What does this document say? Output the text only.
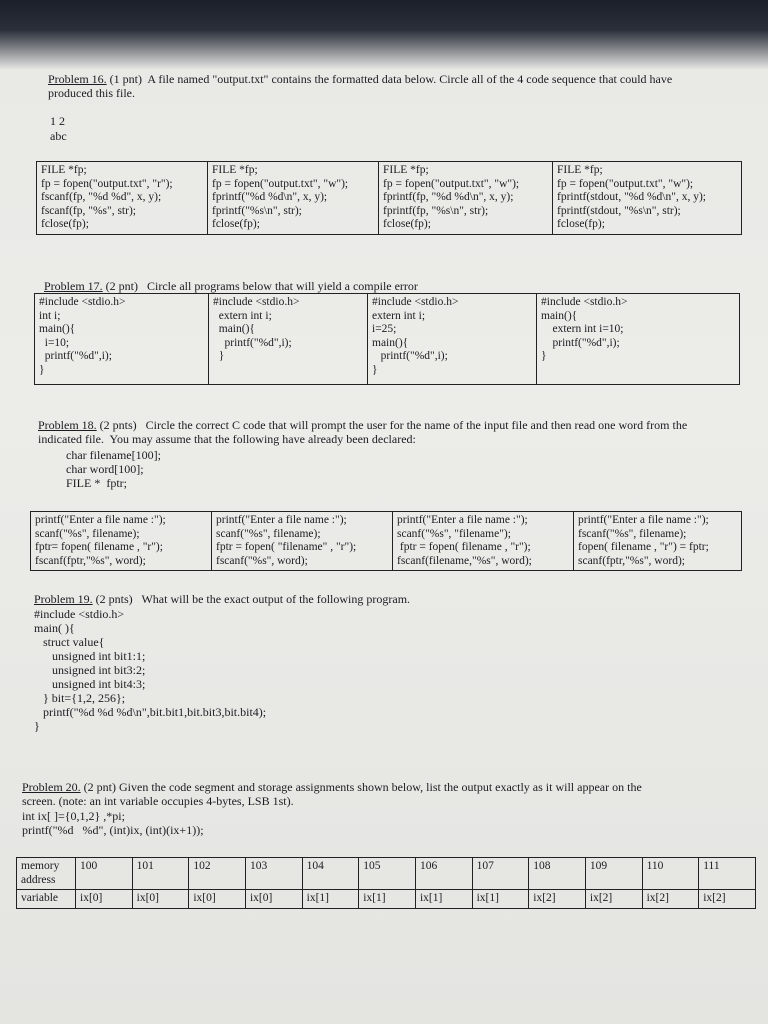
Problem 16. (1 pnt)  A file named "output.txt" contains the formatted data below. Circle all of the 4 code sequence that could have
produced this file.
1 2
abc
FILE *fp;
fp = fopen("output.txt", "r");
fscanf(fp, "%d %d", x, y);
fscanf(fp, "%s", str);
fclose(fp);	FILE *fp;
fp = fopen("output.txt", "w");
fprintf("%d %d\n", x, y);
fprintf("%s\n", str);
fclose(fp);	FILE *fp;
fp = fopen("output.txt", "w");
fprintf(fp, "%d %d\n", x, y);
fprintf(fp, "%s\n", str);
fclose(fp);	FILE *fp;
fp = fopen("output.txt", "w");
fprintf(stdout, "%d %d\n", x, y);
fprintf(stdout, "%s\n", str);
fclose(fp);
Problem 17. (2 pnt)   Circle all programs below that will yield a compile error
#include <stdio.h>
int i;
main(){
i=10;
printf("%d",i);
}	#include <stdio.h>
extern int i;
main(){
printf("%d",i);
}	#include <stdio.h>
extern int i;
i=25;
main(){
printf("%d",i);
}	#include <stdio.h>
main(){
extern int i=10;
printf("%d",i);
}
Problem 18. (2 pnts)   Circle the correct C code that will prompt the user for the name of the input file and then read one word from the
indicated file.  You may assume that the following have already been declared:
char filename[100];
char word[100];
FILE *  fptr;
printf("Enter a file name :");
scanf("%s", filename);
fptr= fopen( filename , "r");
fscanf(fptr,"%s", word);	printf("Enter a file name :");
scanf("%s", filename);
fptr = fopen( "filename" , "r");
fscanf("%s", word);	printf("Enter a file name :");
scanf("%s", "filename");
fptr = fopen( filename , "r");
fscanf(filename,"%s", word);	printf("Enter a file name :");
fscanf("%s", filename);
fopen( filename , "r") = fptr;
scanf(fptr,"%s", word);
Problem 19. (2 pnts)   What will be the exact output of the following program.
#include <stdio.h>
main( ){
struct value{
unsigned int bit1:1;
unsigned int bit3:2;
unsigned int bit4:3;
} bit={1,2, 256};
printf("%d %d %d\n",bit.bit1,bit.bit3,bit.bit4);
}
Problem 20. (2 pnt) Given the code segment and storage assignments shown below, list the output exactly as it will appear on the
screen. (note: an int variable occupies 4-bytes, LSB 1st).
int ix[ ]={0,1,2} ,*pi;
printf("%d   %d", (int)ix, (int)(ix+1));
memory
address	100	101	102	103	104	105	106	107	108	109	110	111
variable	ix[0]	ix[0]	ix[0]	ix[0]	ix[1]	ix[1]	ix[1]	ix[1]	ix[2]	ix[2]	ix[2]	ix[2]
